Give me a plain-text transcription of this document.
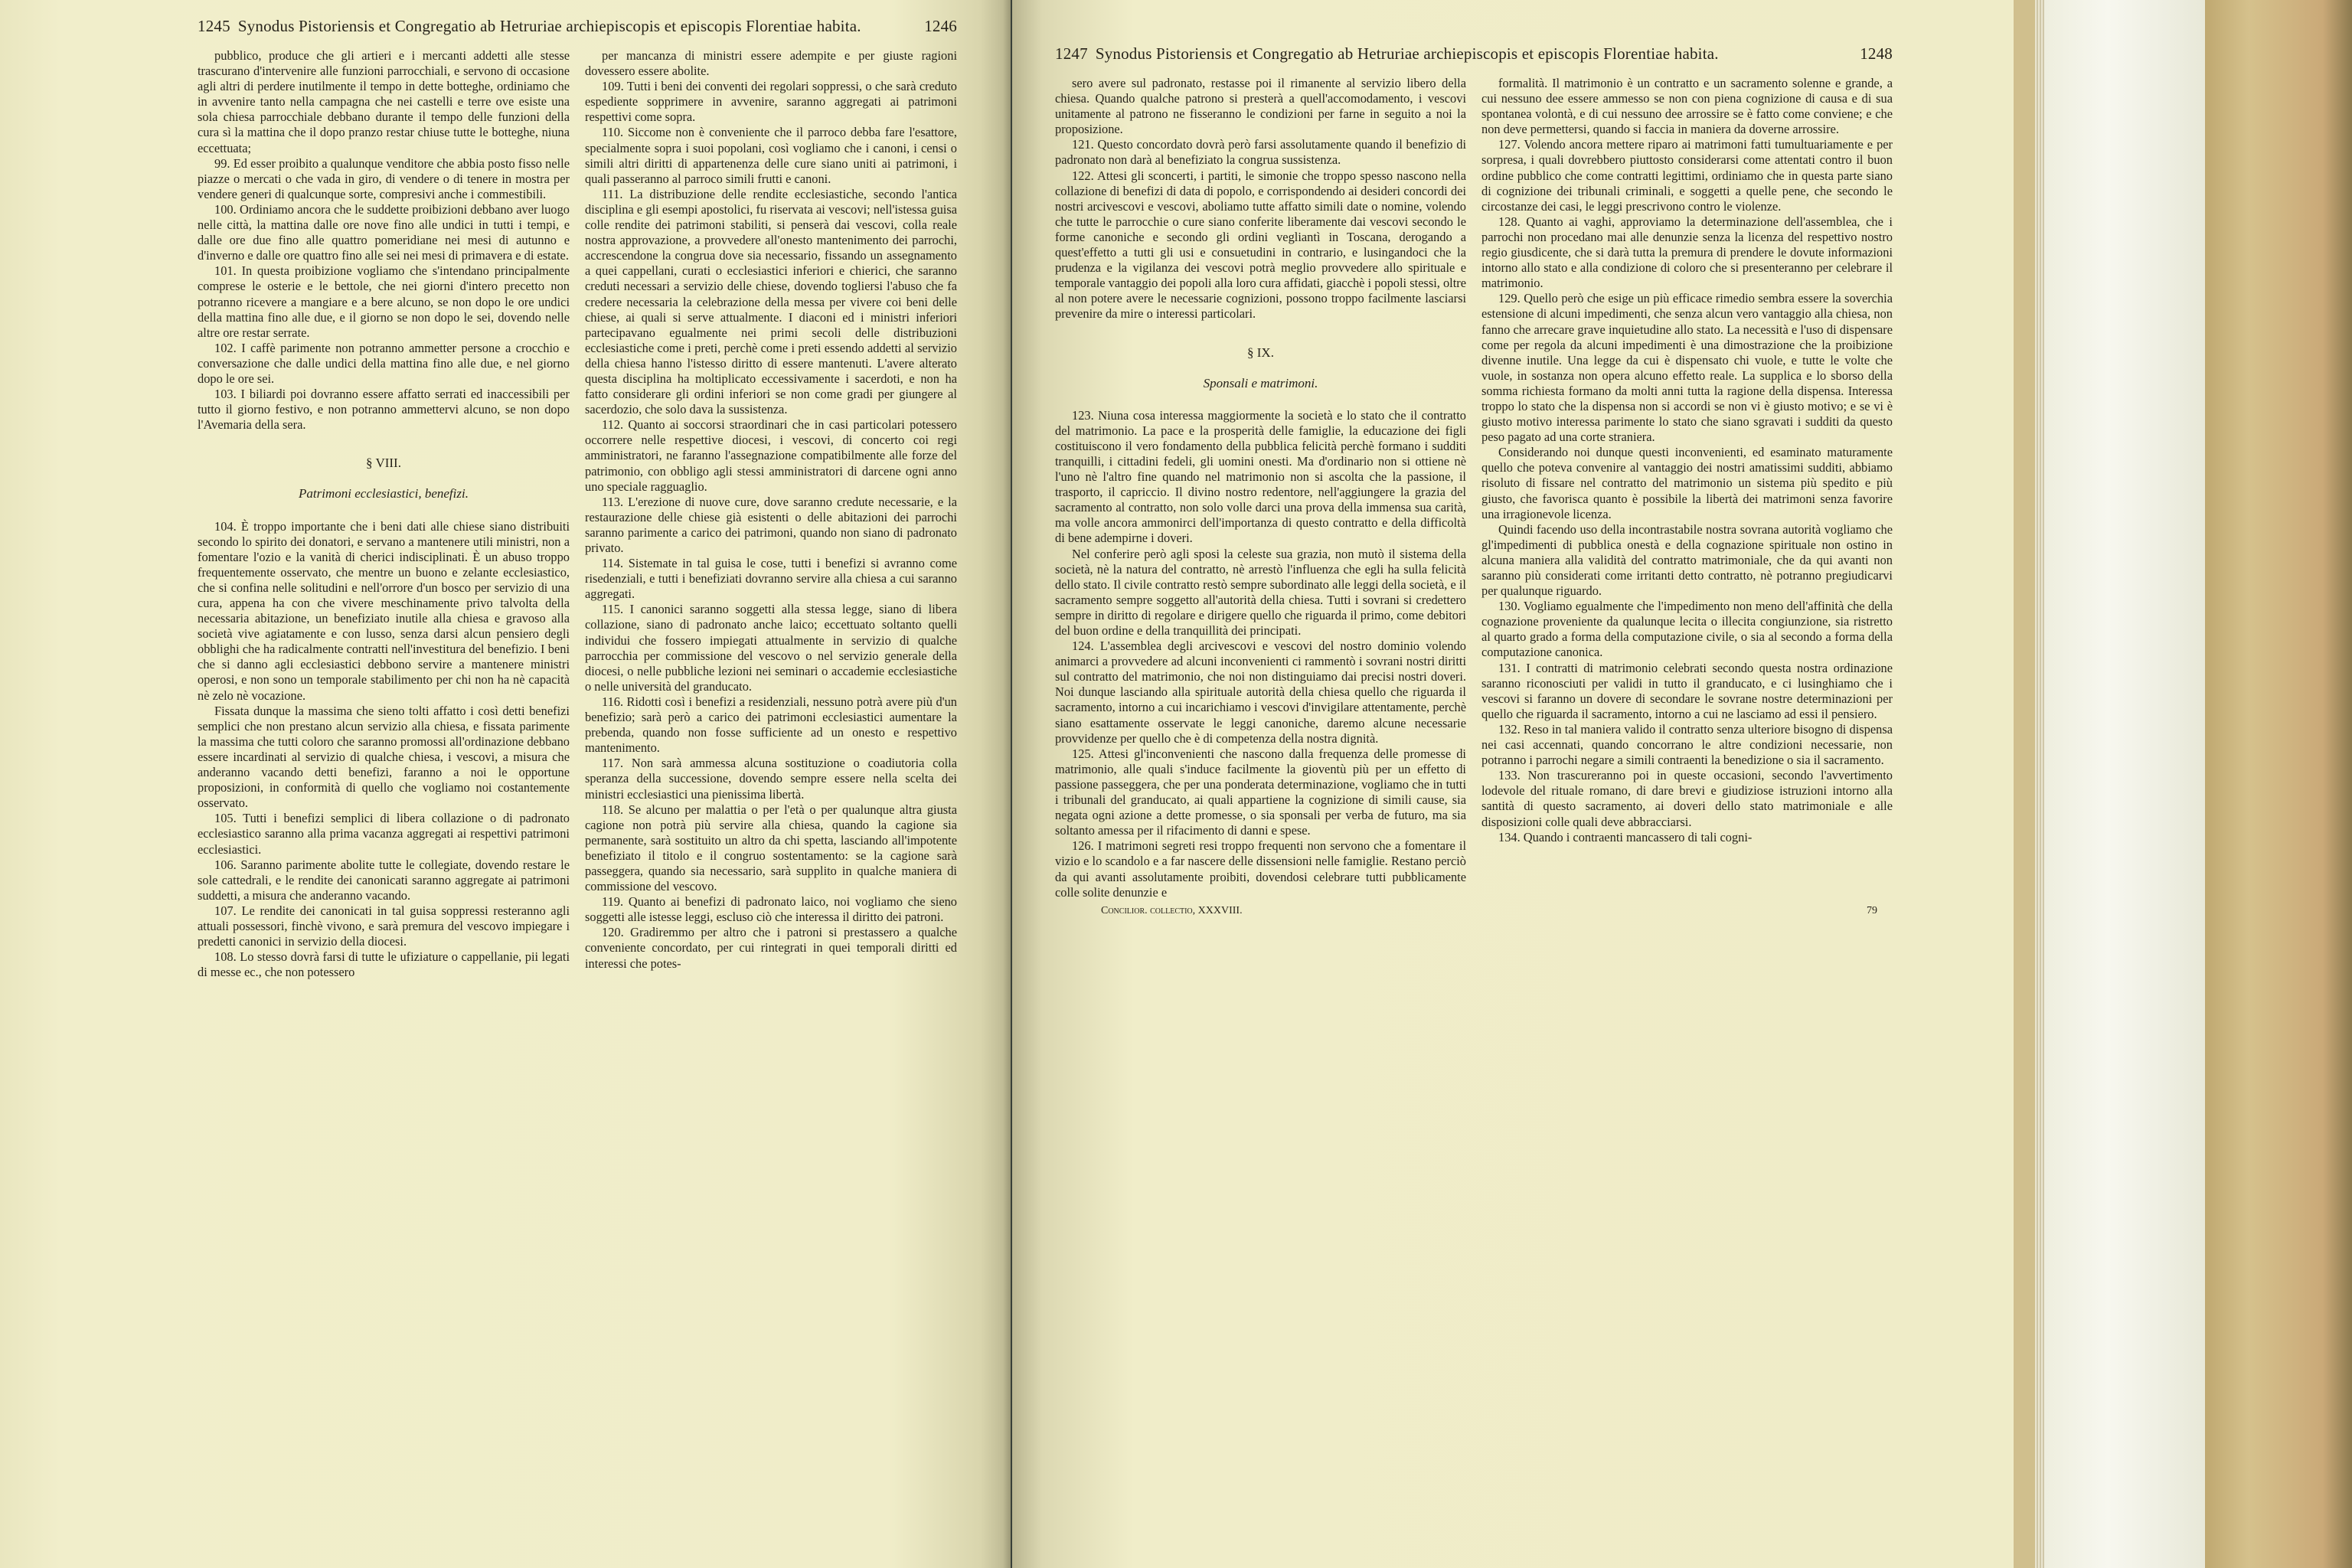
1245 Synodus Pistoriensis et Congregatio ab Hetruriae archiepiscopis et episcopis Florentiae habita.	1246

pubblico, produce che gli artieri e i mercanti addetti alle stesse trascurano d'intervenire alle funzioni parrocchiali, e servono di occasione agli altri di perdere inutilmente il tempo in dette botteghe, ordiniamo che in avvenire tanto nella campagna che nei castelli e terre ove esiste una sola chiesa parrocchiale debbano durante il tempo delle funzioni della cura sì la mattina che il dopo pranzo restar chiuse tutte le botteghe, niuna eccettuata;

99. Ed esser proibito a qualunque venditore che abbia posto fisso nelle piazze o mercati o che vada in giro, di vendere o di tenere in mostra per vendere generi di qualcunque sorte, compresivi anche i commestibili.

100. Ordiniamo ancora che le suddette proibizioni debbano aver luogo nelle città, la mattina dalle ore nove fino alle undici in tutti i tempi, e dalle ore due fino alle quattro pomeridiane nei mesi di autunno e d'inverno e dalle ore quattro fino alle sei nei mesi di primavera e di estate.

101. In questa proibizione vogliamo che s'intendano principalmente comprese le osterie e le bettole, che nei giorni d'intero precetto non potranno ricevere a mangiare e a bere alcuno, se non dopo le ore undici della mattina fino alle due, e il giorno se non dopo le sei, dovendo nelle altre ore restar serrate.

102. I caffè parimente non potranno ammetter persone a crocchio e conversazione che dalle undici della mattina fino alle due, e nel giorno dopo le ore sei.

103. I biliardi poi dovranno essere affatto serrati ed inaccessibili per tutto il giorno festivo, e non potranno ammettervi alcuno, se non dopo l'Avemaria della sera.

§ VIII.
Patrimoni ecclesiastici, benefizi.

104. È troppo importante che i beni dati alle chiese siano distribuiti secondo lo spirito dei donatori, e servano a mantenere utili ministri, non a fomentare l'ozio e la vanità di cherici indisciplinati. È un abuso troppo frequentemente osservato, che mentre un buono e zelante ecclesiastico, che si confina nelle solitudini e nell'orrore d'un bosco per servizio di una cura, appena ha con che vivere meschinamente privo talvolta della necessaria abitazione, un benefiziato inutile alla chiesa e gravoso alla società vive agiatamente e con lusso, senza darsi alcun pensiero degli obblighi che ha radicalmente contratti nell'investitura del benefizio. I beni che si danno agli ecclesiastici debbono servire a mantenere ministri operosi, e non sono un temporale stabilimento per chi non ha nè capacità nè zelo nè vocazione.

Fissata dunque la massima che sieno tolti affatto i così detti benefizi semplici che non prestano alcun servizio alla chiesa, e fissata parimente la massima che tutti coloro che saranno promossi all'ordinazione debbano essere incardinati al servizio di qualche chiesa, i vescovi, a misura che anderanno vacando detti benefizi, faranno a noi le opportune proposizioni, in conformità di quello che vogliamo noi costantemente osservato.

105. Tutti i benefizi semplici di libera collazione o di padronato ecclesiastico saranno alla prima vacanza aggregati ai respettivi patrimoni ecclesiastici.

106. Saranno parimente abolite tutte le collegiate, dovendo restare le sole cattedrali, e le rendite dei canonicati saranno aggregate ai patrimoni suddetti, a misura che anderanno vacando.

107. Le rendite dei canonicati in tal guisa soppressi resteranno agli attuali possessori, finchè vivono, e sarà premura del vescovo impiegare i predetti canonici in servizio della diocesi.

108. Lo stesso dovrà farsi di tutte le ufiziature o cappellanie, pii legati di messe ec., che non potessero

per mancanza di ministri essere adempite e per giuste ragioni dovessero essere abolite.

109. Tutti i beni dei conventi dei regolari soppressi, o che sarà creduto espediente sopprimere in avvenire, saranno aggregati ai patrimoni respettivi come sopra.

110. Siccome non è conveniente che il parroco debba fare l'esattore, specialmente sopra i suoi popolani, così vogliamo che i canoni, i censi o simili altri diritti di appartenenza delle cure siano uniti ai patrimoni, i quali passeranno al parroco simili frutti e canoni.

111. La distribuzione delle rendite ecclesiastiche, secondo l'antica disciplina e gli esempi apostolici, fu riservata ai vescovi; nell'istessa guisa colle rendite dei patrimoni stabiliti, si penserà dai vescovi, colla reale nostra approvazione, a provvedere all'onesto mantenimento dei parrochi, accrescendone la congrua dove sia necessario, fissando un assegnamento a quei cappellani, curati o ecclesiastici inferiori e chierici, che saranno creduti necessari a servizio delle chiese, dovendo togliersi l'abuso che fa credere necessaria la celebrazione della messa per vivere coi beni delle chiese, ai quali si serve attualmente. I diaconi ed i ministri inferiori partecipavano egualmente nei primi secoli delle distribuzioni ecclesiastiche come i preti, perchè come i preti essendo addetti al servizio della chiesa hanno l'istesso diritto di essere mantenuti. L'avere alterato questa disciplina ha moltiplicato eccessivamente i sacerdoti, e non ha fatto considerare gli ordini inferiori se non come gradi per giungere al sacerdozio, che solo dava la sussistenza.

112. Quanto ai soccorsi straordinari che in casi particolari potessero occorrere nelle respettive diocesi, i vescovi, di concerto coi regi amministratori, ne faranno l'assegnazione compatibilmente alle forze del patrimonio, con obbligo agli stessi amministratori di darcene ogni anno uno speciale ragguaglio.

113. L'erezione di nuove cure, dove saranno credute necessarie, e la restaurazione delle chiese già esistenti o delle abitazioni dei parrochi saranno parimente a carico dei patrimoni, quando non siano di padronato privato.

114. Sistemate in tal guisa le cose, tutti i benefizi si avranno come risedenziali, e tutti i benefiziati dovranno servire alla chiesa a cui saranno aggregati.

115. I canonici saranno soggetti alla stessa legge, siano di libera collazione, siano di padronato anche laico; eccettuato soltanto quelli individui che fossero impiegati attualmente in servizio di qualche parrocchia per commissione del vescovo o nel servizio generale della diocesi, o nelle pubbliche lezioni nei seminari o accademie ecclesiastiche o nelle università del granducato.

116. Ridotti così i benefizi a residenziali, nessuno potrà avere più d'un benefizio; sarà però a carico dei patrimoni ecclesiastici aumentare la prebenda, quando non fosse sufficiente ad un onesto e respettivo mantenimento.

117. Non sarà ammessa alcuna sostituzione o coadiutoria colla speranza della successione, dovendo sempre essere nella scelta dei ministri ecclesiastici una pienissima libertà.

118. Se alcuno per malattia o per l'età o per qualunque altra giusta cagione non potrà più servire alla chiesa, quando la cagione sia permanente, sarà sostituito un altro da chi spetta, lasciando all'impotente benefiziato il titolo e il congruo sostentamento: se la cagione sarà passeggera, quando sia necessario, sarà supplito in qualche maniera di commissione del vescovo.

119. Quanto ai benefizi di padronato laico, noi vogliamo che sieno soggetti alle istesse leggi, escluso ciò che interessa il diritto dei patroni.

120. Gradiremmo per altro che i patroni si prestassero a qualche conveniente concordato, per cui rintegrati in quei temporali diritti ed interessi che potes-

1247 Synodus Pistoriensis et Congregatio ab Hetruriae archiepiscopis et episcopis Florentiae habita.	1248

sero avere sul padronato, restasse poi il rimanente al servizio libero della chiesa. Quando qualche patrono si presterà a quell'accomodamento, i vescovi unitamente al patrono ne fisseranno le condizioni per farne in seguito a noi la proposizione.

121. Questo concordato dovrà però farsi assolutamente quando il benefizio di padronato non darà al benefiziato la congrua sussistenza.

122. Attesi gli sconcerti, i partiti, le simonie che troppo spesso nascono nella collazione di benefizi di data di popolo, e corrispondendo ai desideri concordi dei nostri arcivescovi e vescovi, aboliamo tutte affatto simili date o nomine, volendo che tutte le parrocchie o cure siano conferite liberamente dai vescovi secondo le forme canoniche e secondo gli ordini vegliantì in Toscana, derogando a quest'effetto a tutti gli usi e consuetudini in contrario, e lusingandoci che la prudenza e la vigilanza dei vescovi potrà meglio provvedere allo spirituale e temporale vantaggio dei popoli alla loro cura affidati, giacchè i popoli stessi, oltre al non potere avere le necessarie cognizioni, possono troppo facilmente lasciarsi prevenire da mire o interessi particolari.

§ IX.
Sponsali e matrimoni.

123. Niuna cosa interessa maggiormente la società e lo stato che il contratto del matrimonio. La pace e la prosperità delle famiglie, la educazione dei figli costituiscono il vero fondamento della pubblica felicità perchè formano i sudditi tranquilli, i cittadini fedeli, gli uomini onesti. Ma d'ordinario non si ottiene nè l'uno nè l'altro fine quando nel matrimonio non si ascolta che la passione, il trasporto, il capriccio. Il divino nostro redentore, nell'aggiungere la grazia del sacramento al contratto, non solo volle darci una prova della immensa sua carità, ma volle ancora ammonirci dell'importanza di questo contratto e della difficoltà di bene adempirne i doveri.

Nel conferire però agli sposi la celeste sua grazia, non mutò il sistema della società, nè la natura del contratto, nè arrestò l'influenza che egli ha sulla felicità dello stato. Il civile contratto restò sempre subordinato alle leggi della società, e il sacramento sempre soggetto all'autorità della chiesa. Tutti i sovrani si credettero sempre in diritto di regolare e dirigere quello che riguarda il primo, come debitori del buon ordine e della tranquillità dei principati.

124. L'assemblea degli arcivescovi e vescovi del nostro dominio volendo animarci a provvedere ad alcuni inconvenienti ci rammentò i sovrani nostri diritti sul contratto del matrimonio, che noi non distinguiamo dai precisi nostri doveri. Noi dunque lasciando alla spirituale autorità della chiesa quello che riguarda il sacramento, intorno a cui incarichiamo i vescovi d'invigilare attentamente, perchè siano esattamente osservate le leggi canoniche, daremo alcune necessarie provvidenze per quello che è di competenza della nostra dignità.

125. Attesi gl'inconvenienti che nascono dalla frequenza delle promesse di matrimonio, alle quali s'induce facilmente la gioventù più per un effetto di passione passeggera, che per una ponderata determinazione, vogliamo che in tutti i tribunali del granducato, ai quali appartiene la cognizione di simili cause, sia negata ogni azione a dette promesse, o sia sponsali per verba de futuro, ma sia soltanto amessa per il rifacimento di danni e spese.

126. I matrimoni segreti resi troppo frequenti non servono che a fomentare il vizio e lo scandolo e a far nascere delle dissensioni nelle famiglie. Restano perciò da qui avanti assolutamente proibiti, dovendosi celebrare tutti pubblicamente colle solite denunzie e

formalità. Il matrimonio è un contratto e un sacramento solenne e grande, a cui nessuno dee essere ammesso se non con piena cognizione di causa e di sua spontanea volontà, e di cui nessuno dee arrossire se è fatto come conviene; e che non deve permettersi, quando si faccia in maniera da doverne arrossire.

127. Volendo ancora mettere riparo ai matrimoni fatti tumultuariamente e per sorpresa, i quali dovrebbero piuttosto considerarsi come attentati contro il buon ordine pubblico che come contratti legittimi, ordiniamo che in questa parte siano di cognizione dei tribunali criminali, e soggetti a quelle pene, che secondo le circostanze dei casi, le leggi prescrivono contro le violenze.

128. Quanto ai vaghi, approviamo la determinazione dell'assemblea, che i parrochi non procedano mai alle denunzie senza la licenza del respettivo nostro regio giusdicente, che si darà tutta la premura di prendere le dovute informazioni intorno allo stato e alla condizione di coloro che si presenteranno per celebrare il matrimonio.

129. Quello però che esige un più efficace rimedio sembra essere la soverchia estensione di alcuni impedimenti, che senza alcun vero vantaggio alla chiesa, non fanno che arrecare grave inquietudine allo stato. La necessità e l'uso di dispensare come per regola da alcuni impedimenti è una dimostrazione che la proibizione divenne inutile. Una legge da cui è dispensato chi vuole, e tutte le volte che vuole, in sostanza non opera alcuno effetto reale. La supplica e lo sborso della somma richiesta formano da molti anni tutta la ragione della dispensa. Interessa troppo lo stato che la dispensa non si accordi se non vi è giusto motivo; e se vi è giusto motivo interessa parimente lo stato che siano sgravati i sudditi da questo peso pagato ad una corte straniera.

Considerando noi dunque questi inconvenienti, ed esaminato maturamente quello che poteva convenire al vantaggio dei nostri amatissimi sudditi, abbiamo risoluto di fissare nel contratto del matrimonio un sistema più spedito e più giusto, che favorisca quanto è possibile la libertà dei matrimoni senza favorire una irragionevole licenza.

Quindi facendo uso della incontrastabile nostra sovrana autorità vogliamo che gl'impedimenti di pubblica onestà e della cognazione spirituale non ostino in alcuna maniera alla validità del contratto matrimoniale, che da qui avanti non saranno più considerati come irritanti detto contratto, nè potranno pregiudicarvi per qualunque riguardo.

130. Vogliamo egualmente che l'impedimento non meno dell'affinità che della cognazione proveniente da qualunque lecita o illecita congiunzione, sia ristretto al quarto grado a forma della computazione civile, o sia al secondo a forma della computazione canonica.

131. I contratti di matrimonio celebrati secondo questa nostra ordinazione saranno riconosciuti per validi in tutto il granducato, e ci lusinghiamo che i vescovi si faranno un dovere di secondare le sovrane nostre determinazioni per quello che riguarda il sacramento, intorno a cui ne lasciamo ad essi il pensiero.

132. Reso in tal maniera valido il contratto senza ulteriore bisogno di dispensa nei casi accennati, quando concorrano le altre condizioni necessarie, non potranno i parrochi negare a simili contraenti la benedizione o sia il sacramento.

133. Non trascureranno poi in queste occasioni, secondo l'avvertimento lodevole del rituale romano, di dare brevi e giudiziose istruzioni intorno alla santità di questo sacramento, ai doveri dello stato matrimoniale e alle disposizioni colle quali deve abbracciarsi.

134. Quando i contraenti mancassero di tali cogni-

Concilior. collectio, XXXVIII.	79
